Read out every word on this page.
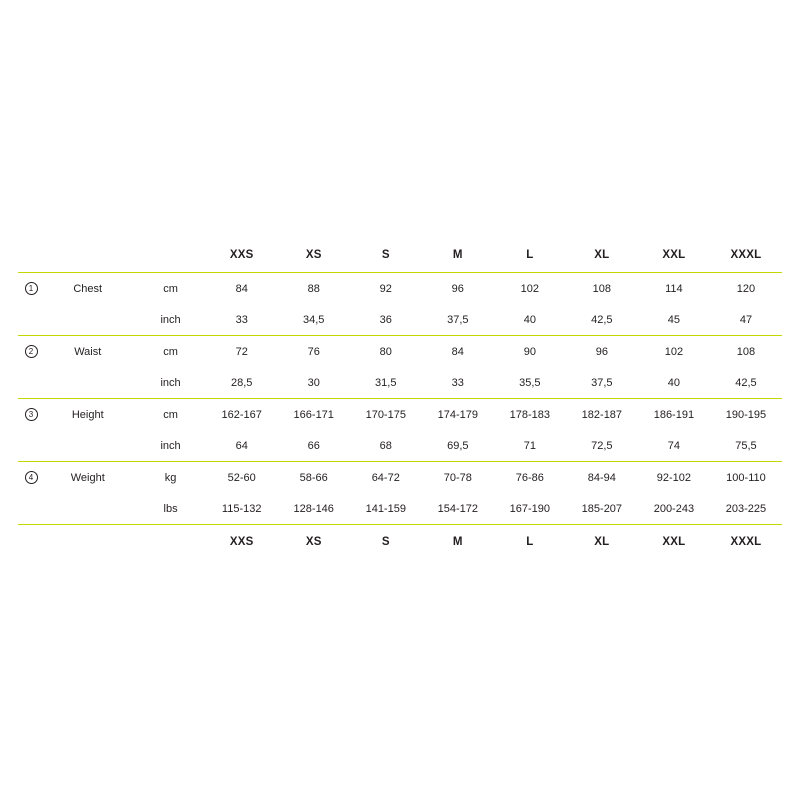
			XXS	XS	S	M	L	XL	XXL	XXXL
1	Chest	cm	84	88	92	96	102	108	114	120
		inch	33	34,5	36	37,5	40	42,5	45	47
2	Waist	cm	72	76	80	84	90	96	102	108
		inch	28,5	30	31,5	33	35,5	37,5	40	42,5
3	Height	cm	162-167	166-171	170-175	174-179	178-183	182-187	186-191	190-195
		inch	64	66	68	69,5	71	72,5	74	75,5
4	Weight	kg	52-60	58-66	64-72	70-78	76-86	84-94	92-102	100-110
		lbs	115-132	128-146	141-159	154-172	167-190	185-207	200-243	203-225
			XXS	XS	S	M	L	XL	XXL	XXXL
